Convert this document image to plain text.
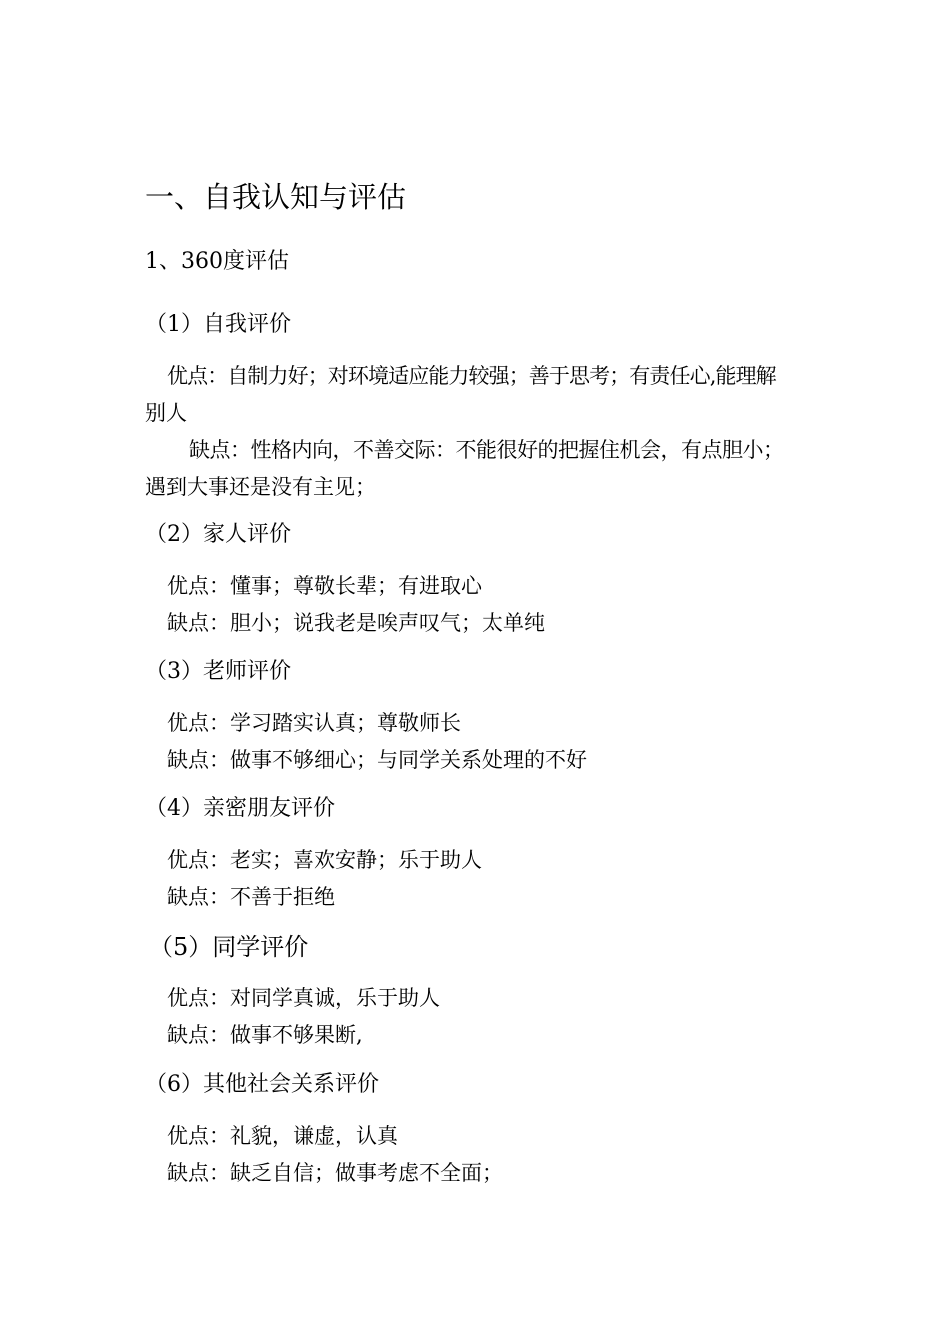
一、自我认知与评估
1、360度评估
（1）自我评价
优点：自制力好；对环境适应能力较强；善于思考；有责任心,能理解
别人
缺点：性格内向，不善交际：不能很好的把握住机会，有点胆小；
遇到大事还是没有主见；
（2）家人评价
优点：懂事；尊敬长辈；有进取心
缺点：胆小；说我老是唉声叹气；太单纯
（3）老师评价
优点：学习踏实认真；尊敬师长
缺点：做事不够细心；与同学关系处理的不好
（4）亲密朋友评价
优点：老实；喜欢安静；乐于助人
缺点：不善于拒绝
（5）同学评价
优点：对同学真诚，乐于助人
缺点：做事不够果断,
（6）其他社会关系评价
优点：礼貌，谦虚，认真
缺点：缺乏自信；做事考虑不全面；
